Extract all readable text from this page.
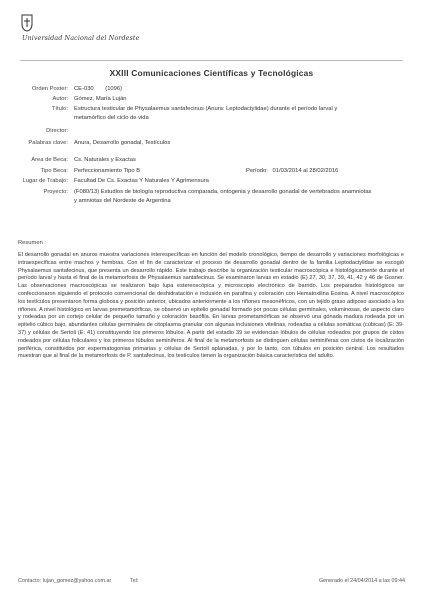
Universidad Nacional del Nordeste
XXIII Comunicaciones Científicas y Tecnológicas
Orden Poster: CE-030 (1096)
Autor: Gómez, María Luján
Título: Estructura testicular de Physalaemus santafecinus (Anura: Leptodactylidae) durante el período larval y metamórfico del ciclo de vida
Director:
Palabras clave: Anura, Desarrollo gonadal, Testículos
Área de Beca: Cs. Naturales y Exactas
Tipo Beca: Perfeccionamiento Tipo B	Período: 01/03/2014 al 28/02/2016
Lugar de Trabajo: Facultad De Cs. Exactas Y Naturales Y Agrimensura
Proyecto: (F080/13) Estudios de biología reproductiva comparada, ontogenia y desarrollo gonadal de vertebrados anamniotas y amniotas del Nordeste de Argentina
Resumen :
El desarrollo gonadal en anuros muestra variaciones interespecíficas en función del modelo cronológico, tiempo de desarrollo y variaciones morfológicas e intraespecíficas entre machos y hembras. Con el fin de caracterizar el proceso de desarrollo gonadal dentro de la familia Leptodactylidae se escogió Physalaemus santafecinus, que presenta un desarrollo rápido. Este trabajo describe la organización testicular macroscópica e histológicamente durante el período larval y hasta el final de la metamorfosis de Physalaemus santafecinus. Se examinaron larvas en estadio (E) 27, 30, 37, 39, 41, 42 y 46 de Gosner. Las observaciones macroscópicas se realizaron bajo lupa estereoscópica y microscopio electrónico de barrido. Los preparados histológicos se confeccionaron siguiendo el protocolo convencional de deshidratación e inclusión en parafina y coloración con Hematoxilina Eosina. A nivel macroscópico los testículos presentaron forma globosa y posición anterior, ubicados anteriormente a los riñones mesonéfricos, con un tejido graso adiposo asociado a los riñones. A nivel histológico en larvas premetamórficas, se observó un epitelio gonadal formado por pocas células germinales, voluminosas, de aspecto claro y rodeadas por un cortejo celular de pequeño tamaño y coloración basófila. En larvas prometamórficas se observó una gónada madura rodeada por un epitelio cúbico bajo, abundantes células germinales de citoplasma granular con algunas inclusiones vitelinas, rodeadas a células somáticas (cúbicas) (E: 39-37) y células de Sertoli (E: 41) constituyendo los primeros lóbulos. A partir del estadio 39 se evidencian lóbulos de células rodeados por grupos de cistos rodeados por células foliculares y los primeros túbulos seminíferos. Al final de la metamorfosis se distinguen células seminíferas con cistos de localización periférica, constituidos por espermatogonias primarias y células de Sertoli aplanadas, y por lo tanto, con túbulos en posición central. Los resultados muestran que al final de la metamorfosis de P. santafecinus, los testículos tienen la organización básica característica del adulto.
Contacto: lujan_gomez@yahoo.com.ar	Tel:	Generado el 24/04/2014 a las 09:44
